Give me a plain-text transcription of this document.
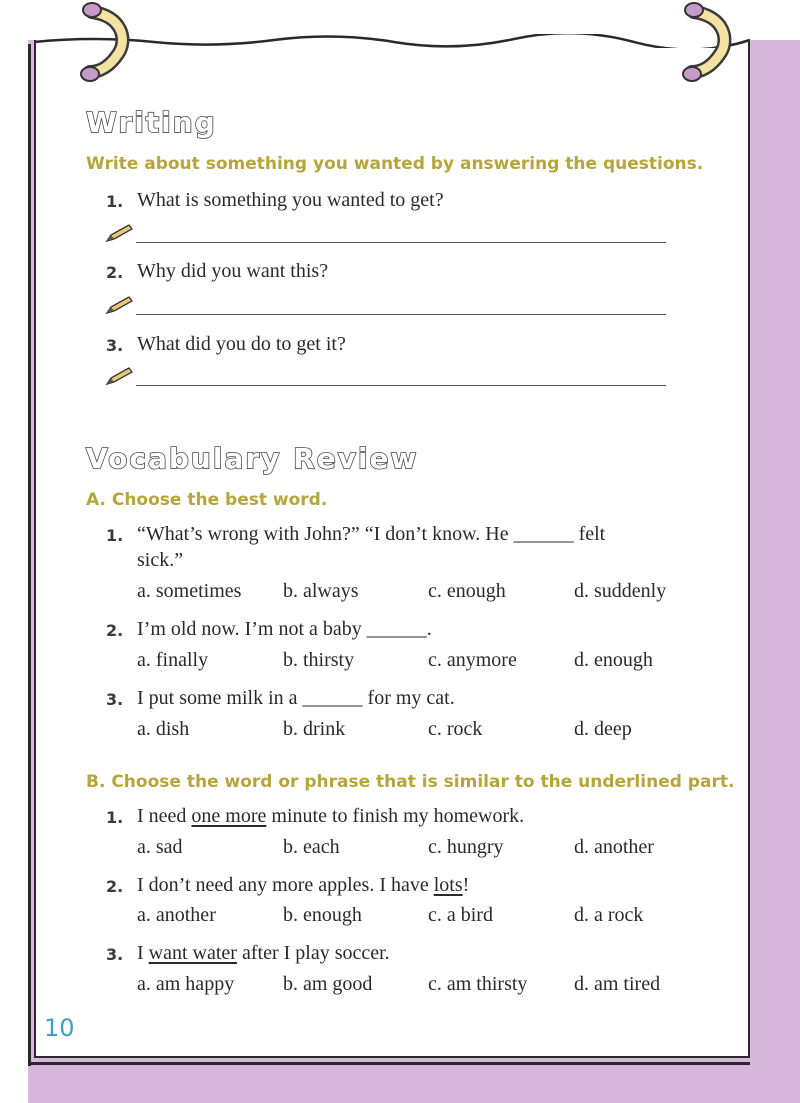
Writing
Write about something you wanted by answering the questions.
1. What is something you wanted to get?
2. Why did you want this?
3. What did you do to get it?
Vocabulary Review
A. Choose the best word.
1. “What’s wrong with John?” “I don’t know. He ______ felt
sick.”
a. sometimes b. always	c. enough	d. suddenly
2. I’m old now. I’m not a baby ______.
a. finally	b. thirsty	c. anymore	d. enough
3. I put some milk in a ______ for my cat.
a. dish	b. drink	c. rock	d. deep
B. Choose the word or phrase that is similar to the underlined part.
1. I need one more minute to finish my homework.
a. sad	b. each	c. hungry	d. another
2. I don’t need any more apples. I have lots!
a. another	b. enough	c. a bird	d. a rock
3. I want water after I play soccer.
a. am happy b. am good	c. am thirsty d. am tired
10
